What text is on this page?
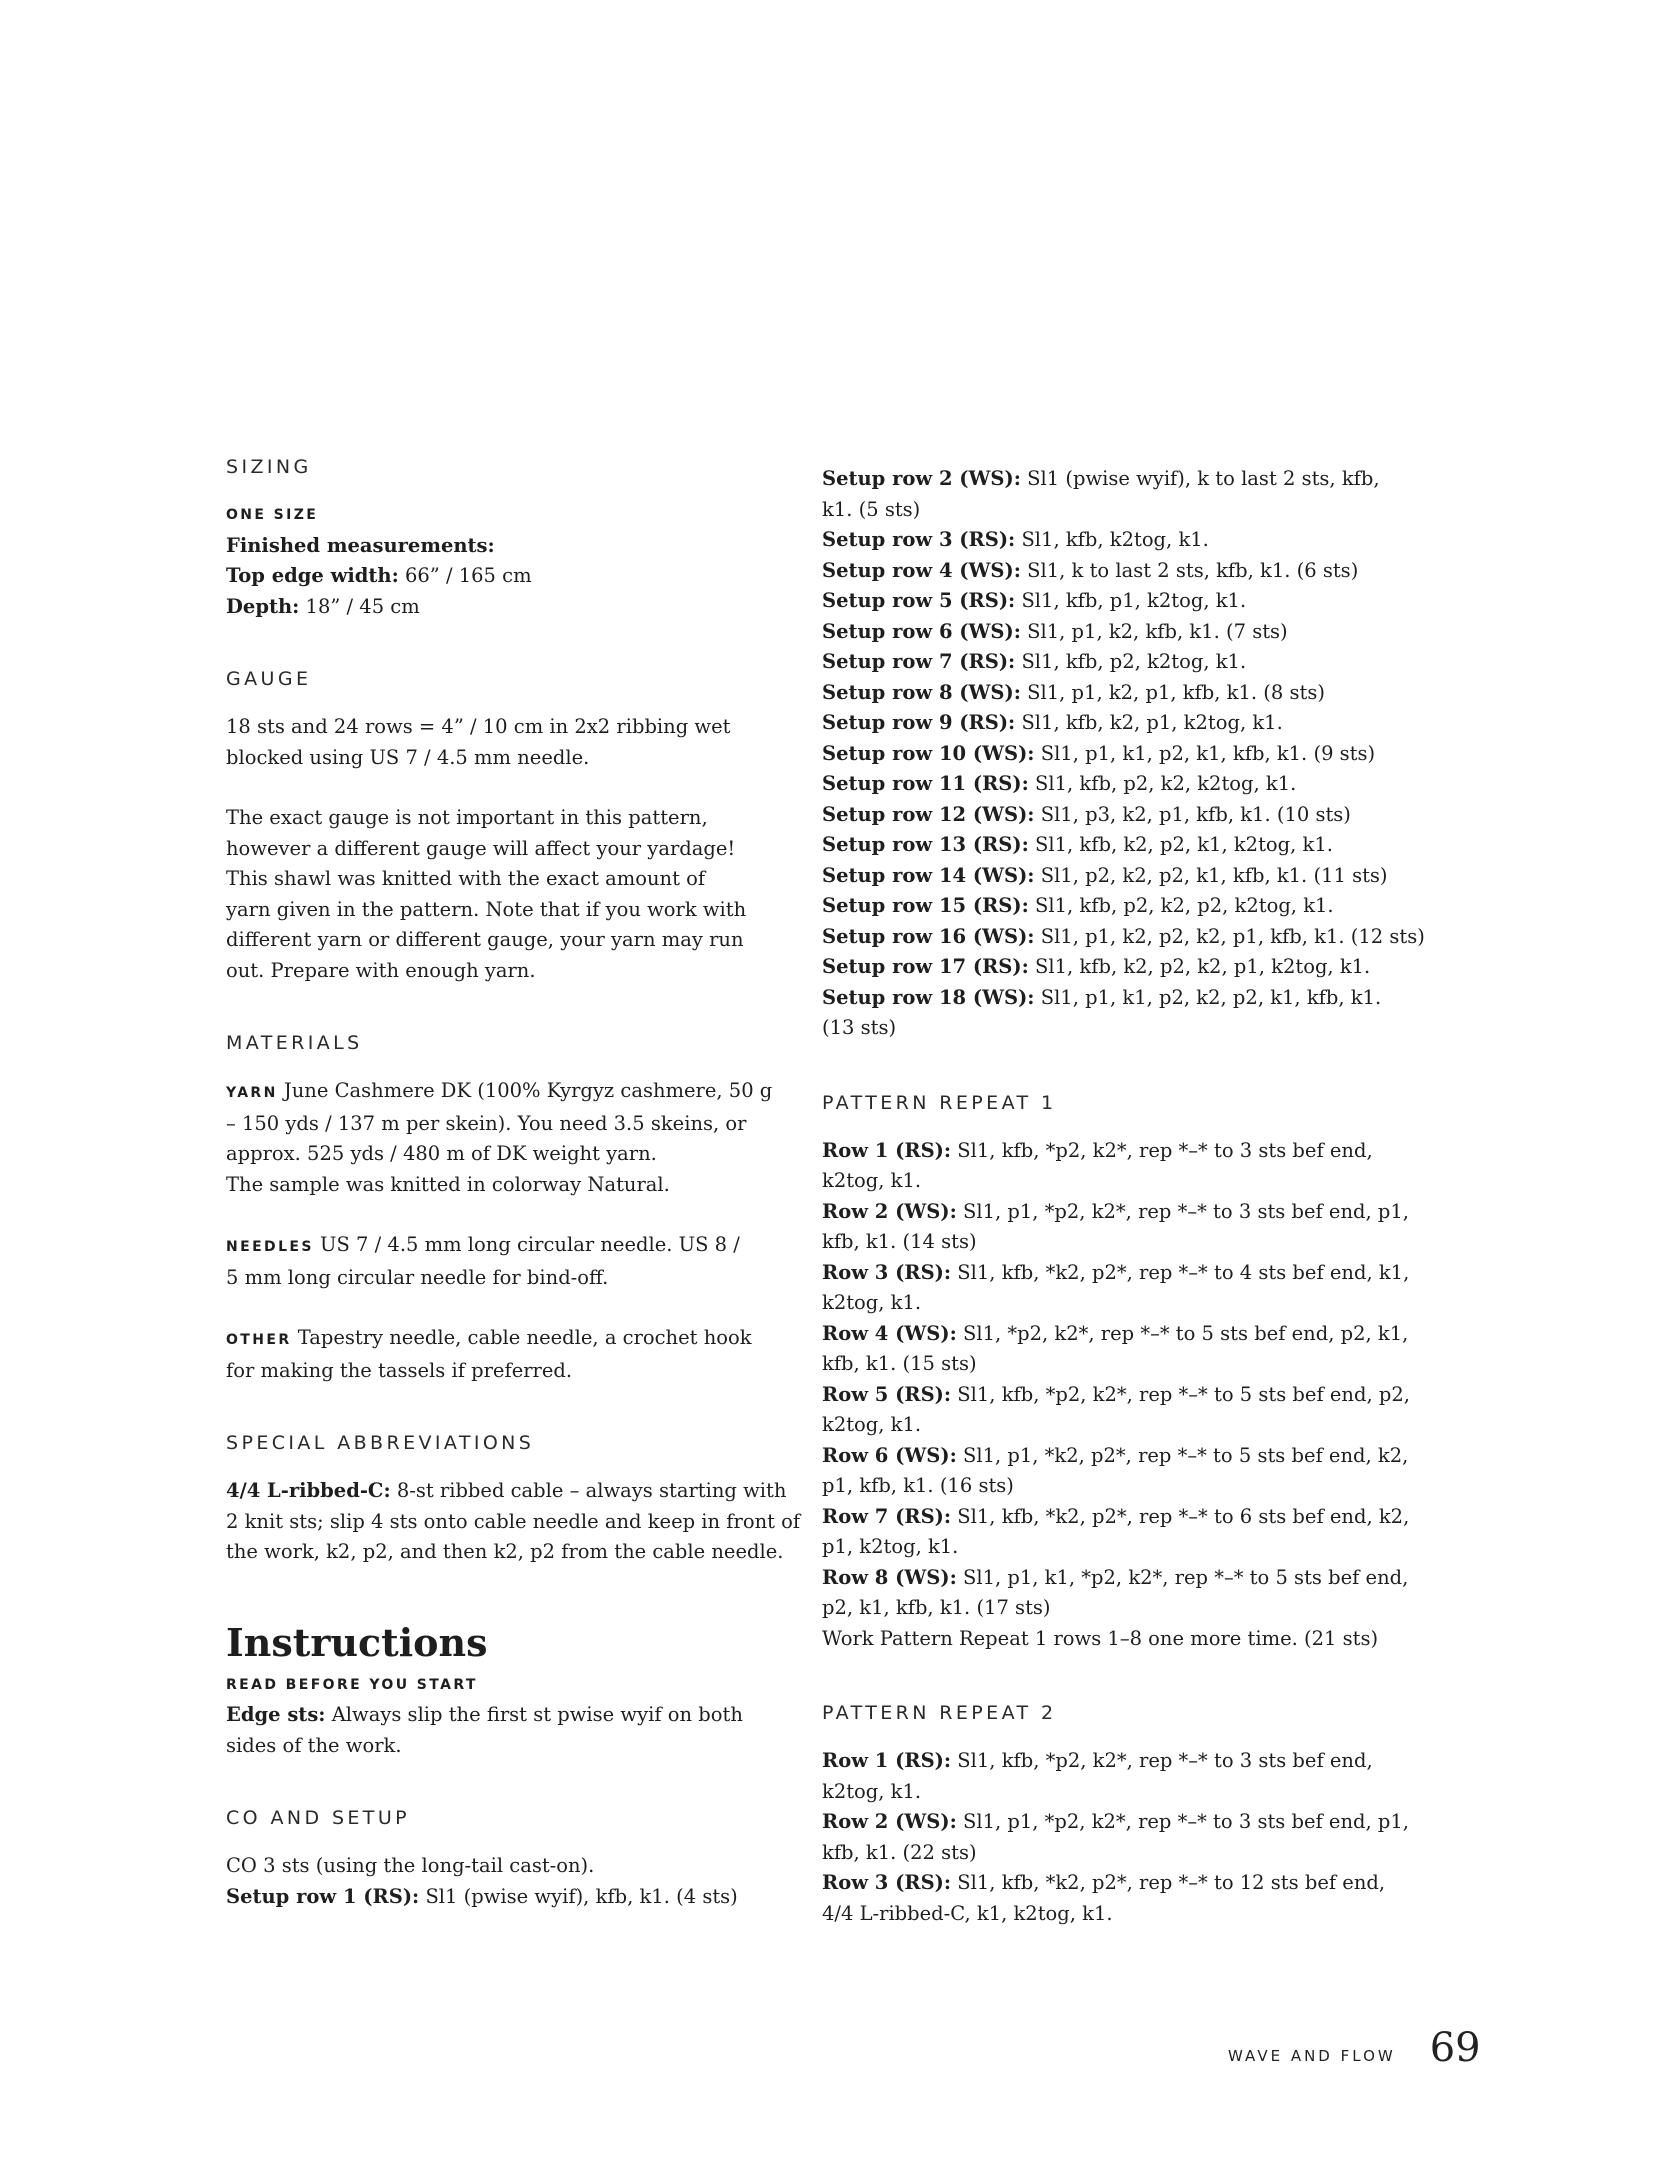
SIZING

ONE SIZE

Finished measurements:

Top edge width: 66” / 165 cm

Depth: 18” / 45 cm

GAUGE

18 sts and 24 rows = 4” / 10 cm in 2x2 ribbing wet

blocked using US 7 / 4.5 mm needle.

The exact gauge is not important in this pattern,

however a different gauge will affect your yardage!

This shawl was knitted with the exact amount of

yarn given in the pattern. Note that if you work with

different yarn or different gauge, your yarn may run

out. Prepare with enough yarn.

MATERIALS

YARN June Cashmere DK (100% Kyrgyz cashmere, 50 g

– 150 yds / 137 m per skein). You need 3.5 skeins, or

approx. 525 yds / 480 m of DK weight yarn.

The sample was knitted in colorway Natural.

NEEDLES US 7 / 4.5 mm long circular needle. US 8 /

5 mm long circular needle for bind-off.

OTHER Tapestry needle, cable needle, a crochet hook

for making the tassels if preferred.

SPECIAL ABBREVIATIONS

4/4 L-ribbed-C: 8-st ribbed cable – always starting with

2 knit sts; slip 4 sts onto cable needle and keep in front of

the work, k2, p2, and then k2, p2 from the cable needle.

Instructions

READ BEFORE YOU START

Edge sts: Always slip the first st pwise wyif on both

sides of the work.

CO AND SETUP

CO 3 sts (using the long-tail cast-on).

Setup row 1 (RS): Sl1 (pwise wyif), kfb, k1. (4 sts)

Setup row 2 (WS): Sl1 (pwise wyif), k to last 2 sts, kfb,

k1. (5 sts)

Setup row 3 (RS): Sl1, kfb, k2tog, k1.

Setup row 4 (WS): Sl1, k to last 2 sts, kfb, k1. (6 sts)

Setup row 5 (RS): Sl1, kfb, p1, k2tog, k1.

Setup row 6 (WS): Sl1, p1, k2, kfb, k1. (7 sts)

Setup row 7 (RS): Sl1, kfb, p2, k2tog, k1.

Setup row 8 (WS): Sl1, p1, k2, p1, kfb, k1. (8 sts)

Setup row 9 (RS): Sl1, kfb, k2, p1, k2tog, k1.

Setup row 10 (WS): Sl1, p1, k1, p2, k1, kfb, k1. (9 sts)

Setup row 11 (RS): Sl1, kfb, p2, k2, k2tog, k1.

Setup row 12 (WS): Sl1, p3, k2, p1, kfb, k1. (10 sts)

Setup row 13 (RS): Sl1, kfb, k2, p2, k1, k2tog, k1.

Setup row 14 (WS): Sl1, p2, k2, p2, k1, kfb, k1. (11 sts)

Setup row 15 (RS): Sl1, kfb, p2, k2, p2, k2tog, k1.

Setup row 16 (WS): Sl1, p1, k2, p2, k2, p1, kfb, k1. (12 sts)

Setup row 17 (RS): Sl1, kfb, k2, p2, k2, p1, k2tog, k1.

Setup row 18 (WS): Sl1, p1, k1, p2, k2, p2, k1, kfb, k1.

(13 sts)

PATTERN REPEAT 1

Row 1 (RS): Sl1, kfb, *p2, k2*, rep *–* to 3 sts bef end,

k2tog, k1.

Row 2 (WS): Sl1, p1, *p2, k2*, rep *–* to 3 sts bef end, p1,

kfb, k1. (14 sts)

Row 3 (RS): Sl1, kfb, *k2, p2*, rep *–* to 4 sts bef end, k1,

k2tog, k1.

Row 4 (WS): Sl1, *p2, k2*, rep *–* to 5 sts bef end, p2, k1,

kfb, k1. (15 sts)

Row 5 (RS): Sl1, kfb, *p2, k2*, rep *–* to 5 sts bef end, p2,

k2tog, k1.

Row 6 (WS): Sl1, p1, *k2, p2*, rep *–* to 5 sts bef end, k2,

p1, kfb, k1. (16 sts)

Row 7 (RS): Sl1, kfb, *k2, p2*, rep *–* to 6 sts bef end, k2,

p1, k2tog, k1.

Row 8 (WS): Sl1, p1, k1, *p2, k2*, rep *–* to 5 sts bef end,

p2, k1, kfb, k1. (17 sts)

Work Pattern Repeat 1 rows 1–8 one more time. (21 sts)

PATTERN REPEAT 2

Row 1 (RS): Sl1, kfb, *p2, k2*, rep *–* to 3 sts bef end,

k2tog, k1.

Row 2 (WS): Sl1, p1, *p2, k2*, rep *–* to 3 sts bef end, p1,

kfb, k1. (22 sts)

Row 3 (RS): Sl1, kfb, *k2, p2*, rep *–* to 12 sts bef end,

4/4 L-ribbed-C, k1, k2tog, k1.

WAVE AND FLOW 69
